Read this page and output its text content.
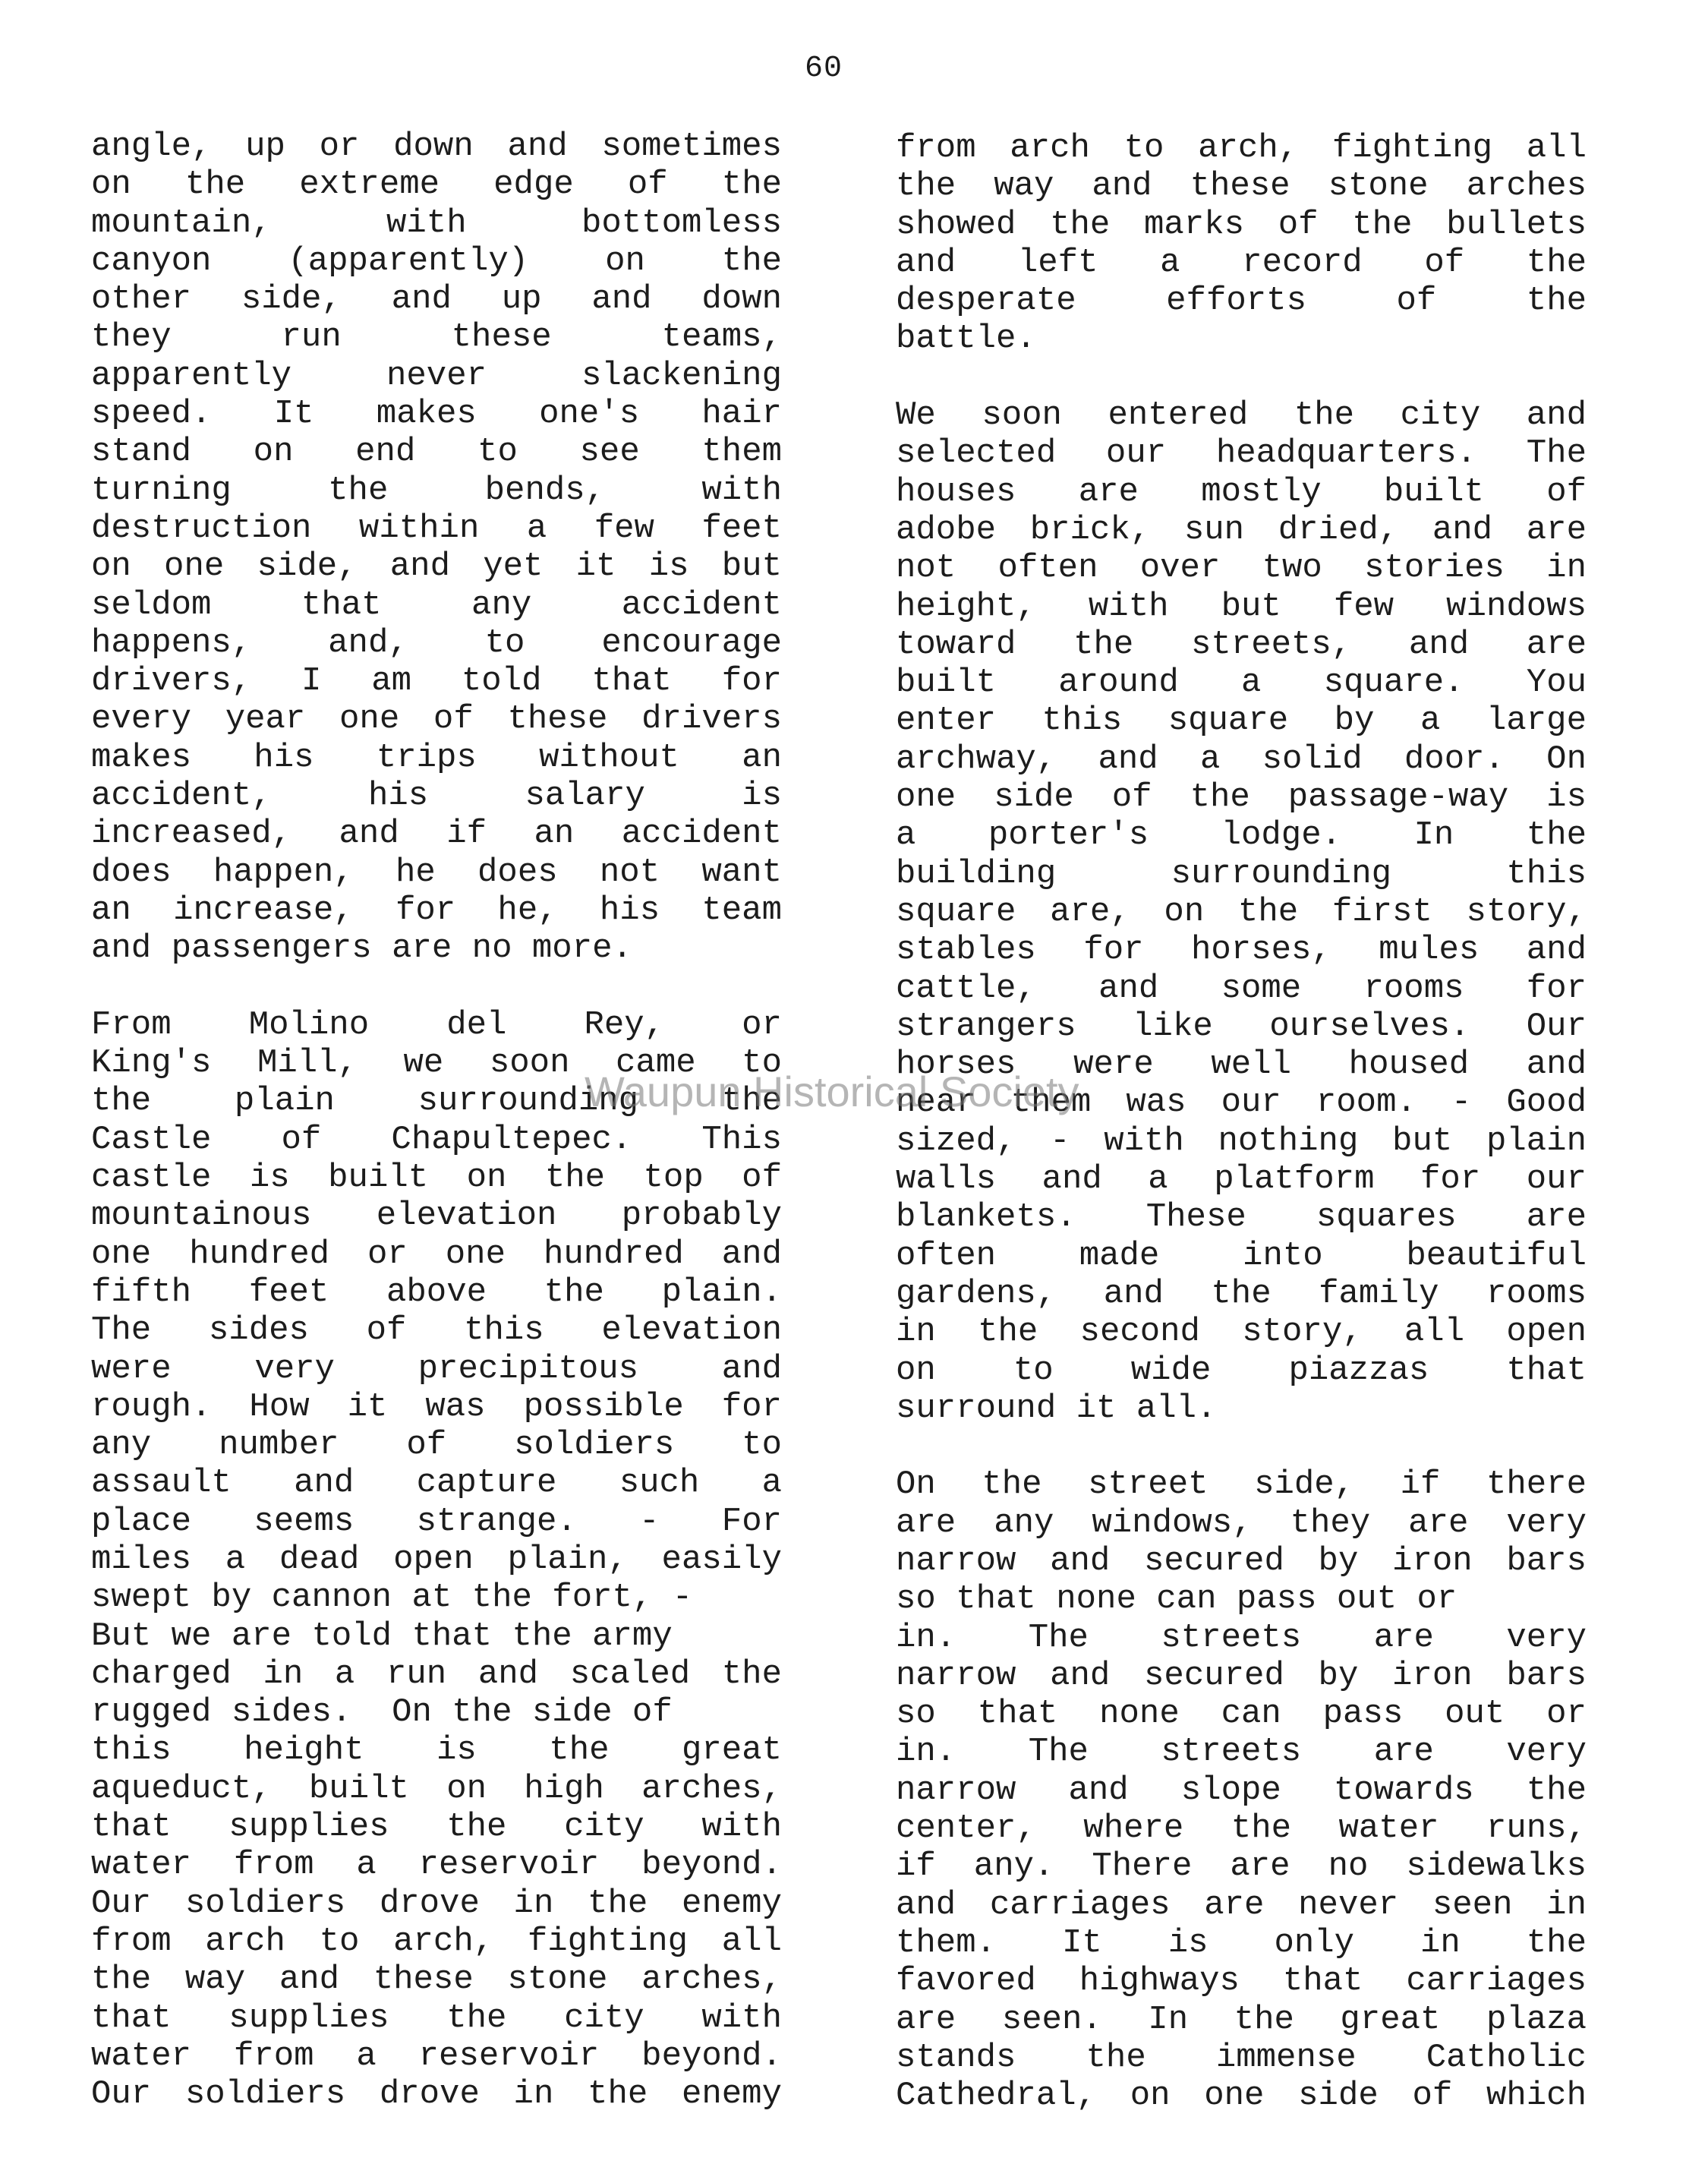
60
angle, up or down and sometimes
on the extreme edge of the
mountain, with bottomless
canyon (apparently) on the
other side, and up and down
they run these teams,
apparently never slackening
speed. It makes one's hair
stand on end to see them
turning the bends, with
destruction within a few feet
on one side, and yet it is but
seldom that any accident
happens, and, to encourage
drivers, I am told that for
every year one of these drivers
makes his trips without an
accident, his salary is
increased, and if an accident
does happen, he does not want
an increase, for he, his team
and passengers are no more.
From Molino del Rey, or
King's Mill, we soon came to
the plain surrounding the
Castle of Chapultepec. This
castle is built on the top of
mountainous elevation probably
one hundred or one hundred and
fifth feet above the plain.
The sides of this elevation
were very precipitous and
rough. How it was possible for
any number of soldiers to
assault and capture such a
place seems strange. - For
miles a dead open plain, easily
swept by cannon at the fort, -
But we are told that the army
charged in a run and scaled the
rugged sides.  On the side of
this height is the great
aqueduct, built on high arches,
that supplies the city with
water from a reservoir beyond.
Our soldiers drove in the enemy
from arch to arch, fighting all
the way and these stone arches,
that supplies the city with
water from a reservoir beyond.
Our soldiers drove in the enemy
from arch to arch, fighting all
the way and these stone arches
showed the marks of the bullets
and left a record of the
desperate efforts of the
battle.
We soon entered the city and
selected our headquarters. The
houses are mostly built of
adobe brick, sun dried, and are
not often over two stories in
height, with but few windows
toward the streets, and are
built around a square. You
enter this square by a large
archway, and a solid door. On
one side of the passage-way is
a porter's lodge. In the
building surrounding this
square are, on the first story,
stables for horses, mules and
cattle, and some rooms for
strangers like ourselves. Our
horses were well housed and
near them was our room. - Good
sized, - with nothing but plain
walls and a platform for our
blankets. These squares are
often made into beautiful
gardens, and the family rooms
in the second story, all open
on to wide piazzas that
surround it all.
On the street side, if there
are any windows, they are very
narrow and secured by iron bars
so that none can pass out or
in. The streets are very
narrow and secured by iron bars
so that none can pass out or
in. The streets are very
narrow and slope towards the
center, where the water runs,
if any. There are no sidewalks
and carriages are never seen in
them. It is only in the
favored highways that carriages
are seen. In the great plaza
stands the immense Catholic
Cathedral, on one side of which
Waupun Historical Society
